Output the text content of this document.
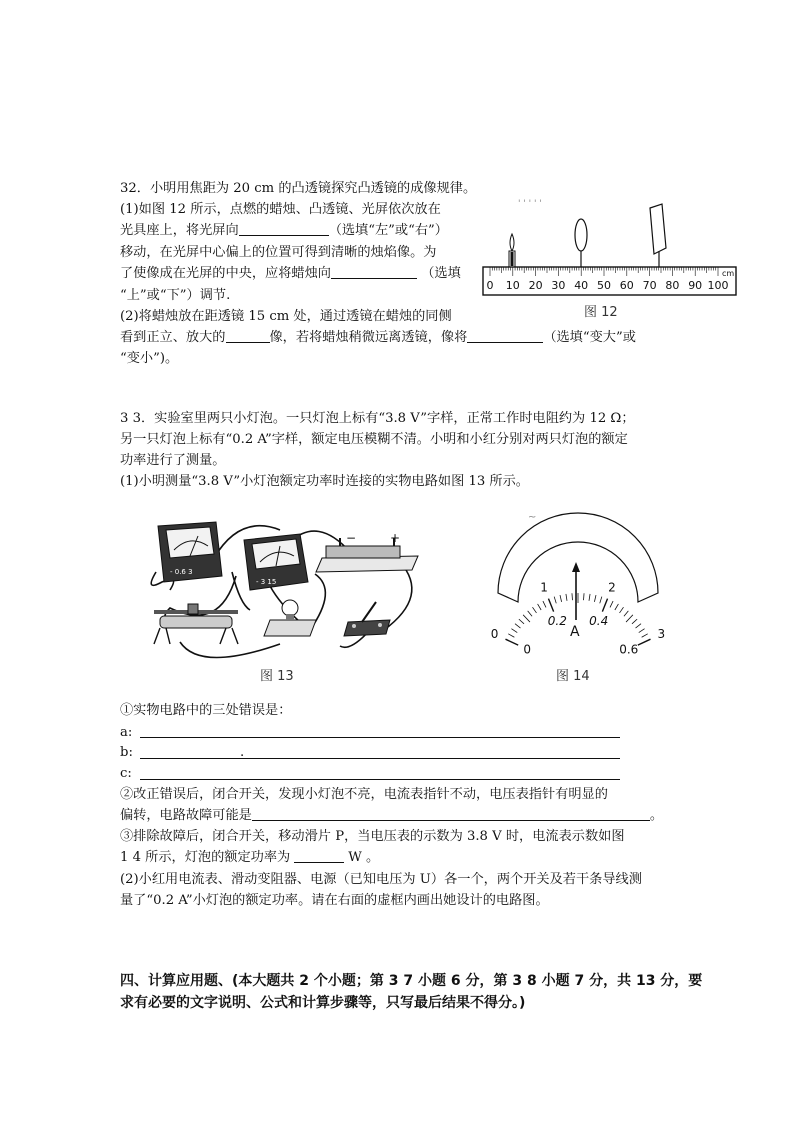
32．小明用焦距为 20 cm 的凸透镜探究凸透镜的成像规律。
(1)如图 12 所示，点燃的蜡烛、凸透镜、光屏依次放在
光具座上，将光屏向	（选填“左”或“右”）
移动，在光屏中心偏上的位置可得到清晰的烛焰像。为
了使像成在光屏的中央，应将蜡烛向	（选填
“上”或“下”）调节.
(2)将蜡烛放在距透镜 15 cm 处，通过透镜在蜡烛的同侧
看到正立、放大的	像，若将蜡烛稍微远离透镜，像将	（选填“变大”或
“变小”)。
' ' ' ' '
cm
0 10 20 30 40 50 60 70 80 90 100
图 12
3 3．实验室里两只小灯泡。一只灯泡上标有“3.8 V”字样，正常工作时电阻约为 12 Ω；
另一只灯泡上标有“0.2 A”字样，额定电压模糊不清。小明和小红分别对两只灯泡的额定
功率进行了测量。
(1)小明测量“3.8 V”小灯泡额定功率时连接的实物电路如图 13 所示。
- 0.6 3
- 3 15
−	+
图 13
~
0
1	2
3
0
0.2 0.4
0.6
A
图 14
①实物电路中的三处错误是：
a:
b:	.
c:
②改正错误后，闭合开关，发现小灯泡不亮，电流表指针不动，电压表指针有明显的
偏转，电路故障可能是	。
③排除故障后，闭合开关，移动滑片 P，当电压表的示数为 3.8 V 时，电流表示数如图
1 4 所示，灯泡的额定功率为	W 。
(2)小红用电流表、滑动变阻器、电源（已知电压为 U）各一个，两个开关及若干条导线测
量了“0.2 A”小灯泡的额定功率。请在右面的虚框内画出她设计的电路图。
四、计算应用题、(本大题共 2 个小题；第 3 7 小题 6 分，第 3 8 小题 7 分，共 13 分，要
求有必要的文字说明、公式和计算步骤等，只写最后结果不得分。)
